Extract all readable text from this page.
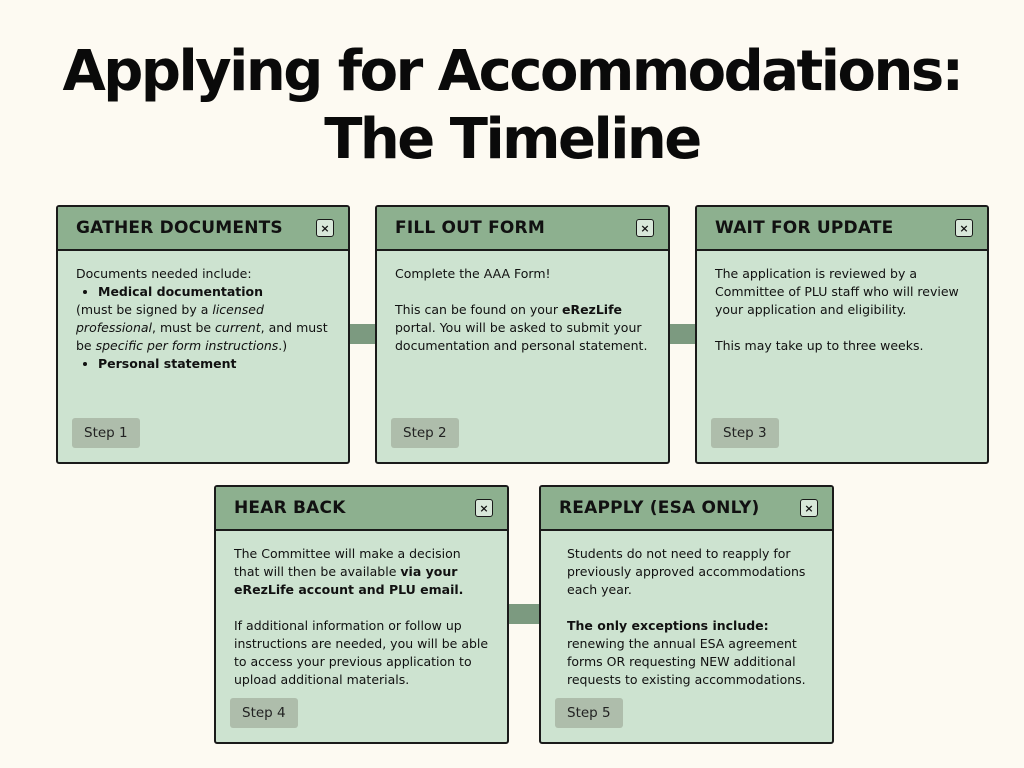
Applying for Accommodations:
The Timeline
GATHER DOCUMENTS	×

Documents needed include:

• Medical documentation

(must be signed by a licensed professional, must be current, and must be specific per form instructions.)

• Personal statement
Step 1
FILL OUT FORM	×

Complete the AAA Form!

This can be found on your eRezLife portal. You will be asked to submit your documentation and personal statement.

Step 2
WAIT FOR UPDATE	×

The application is reviewed by a Committee of PLU staff who will review your application and eligibility.

This may take up to three weeks.

Step 3
HEAR BACK	×

The Committee will make a decision that will then be available via your eRezLife account and PLU email.

If additional information or follow up instructions are needed, you will be able to access your previous application to upload additional materials.

Step 4
REAPPLY (ESA ONLY)	×

Students do not need to reapply for previously approved accommodations each year.

The only exceptions include: renewing the annual ESA agreement forms OR requesting NEW additional requests to existing accommodations.

Step 5
